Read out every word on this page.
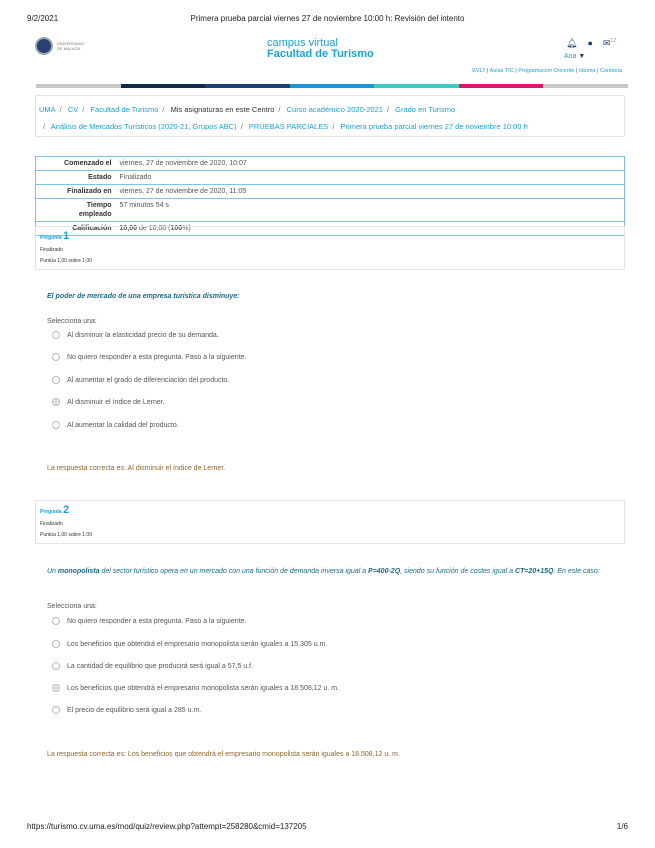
9/2/2021	Primera prueba parcial viernes 27 de noviembre 10:00 h: Revisión del intento
UNIVERSIDAD DE MÁLAGA	campus virtual
Facultad de Turismo
🔔︎ ● ✉$^{12}$
Ana ▼
EVLT | Aulas TIC | Programación Docente | Idioma | Contacta
UMA / CV / Facultad de Turismo / Mis asignaturas en este Centro / Curso académico 2020-2021 / Grado en Turismo
/ Análisis de Mercados Turísticos (2020-21, Grupos ABC) / PRUEBAS PARCIALES / Primera prueba parcial viernes 27 de noviembre 10:00 h
Comenzado el	viernes, 27 de noviembre de 2020, 10:07
Estado	Finalizado
Finalizado en	viernes, 27 de noviembre de 2020, 11:05
Tiempo empleado	57 minutos 54 s
Calificación	10,00 de 10,00 (100%)
Pregunta 1
Finalizado
Puntúa 1,00 sobre 1,00
El poder de mercado de una empresa turística disminuye:
Selecciona una:
Al disminuir la elasticidad precio de su demanda.
No quiero responder a esta pregunta. Paso a la siguiente.
Al aumentar el grado de diferenciación del producto.
Al disminuir el índice de Lerner.
Al aumentar la calidad del producto.
La respuesta correcta es: Al disminuir el índice de Lerner.
Pregunta 2
Finalizado
Puntúa 1,00 sobre 1,00
Un monopolista del sector turístico opera en un mercado con una función de demanda inversa igual a P=400-2Q, siendo su función de costes igual a CT=20+15Q. En este caso:
Selecciona una:
No quiero responder a esta pregunta. Paso a la siguiente.
Los beneficios que obtendrá el empresario monopolista serán iguales a 15.305 u.m.
La cantidad de equilibrio que producirá será igual a 57,5 u.f.
Los beneficios que obtendrá el empresario monopolista serán iguales a 18.508,12 u. m.
El precio de equilibrio será igual a 285 u.m.
La respuesta correcta es: Los beneficios que obtendrá el empresario monopolista serán iguales a 18.508,12 u. m.
https://turismo.cv.uma.es/mod/quiz/review.php?attempt=258280&cmid=137205	1/6
